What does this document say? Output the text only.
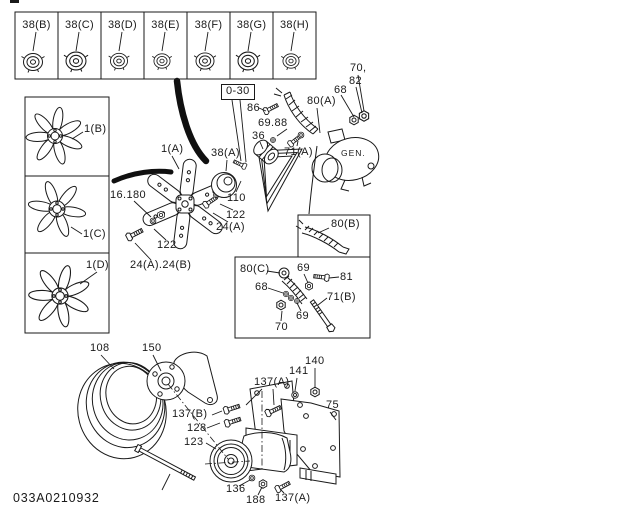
38(B)	38(C)	38(D)	38(E)	38(F)	38(G)	38(H)
1(B)
1(C)
1(D)
1(A)
16.180
122
24(A).24(B)
38(A)
110
122
24(A)
0-30
86
69.88
36
71(A)
80(A)
68
70,
82
80(B)
80(C) 69
81
68
71(B)
69
70
108	150
137(B)
128
123
137(A)
141
140
75
136
188 137(A)
GEN.
033A0210932
